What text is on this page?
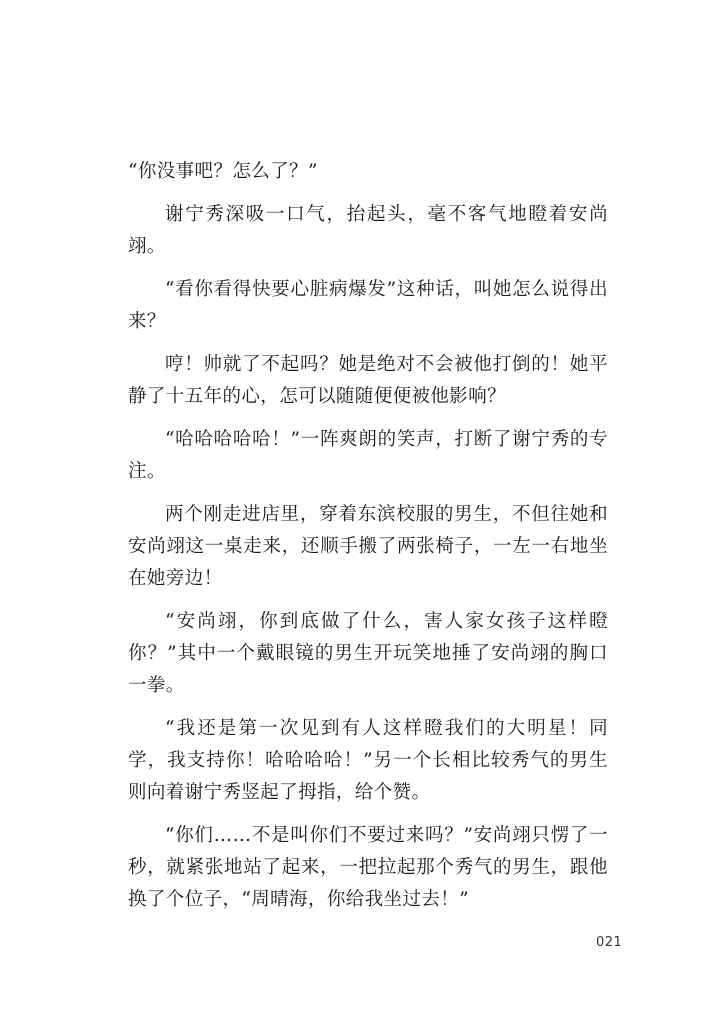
“你没事吧？怎么了？”

谢宁秀深吸一口气，抬起头，毫不客气地瞪着安尚翊。

“看你看得快要心脏病爆发”这种话，叫她怎么说得出来？

哼！帅就了不起吗？她是绝对不会被他打倒的！她平静了十五年的心，怎可以随随便便被他影响？

“哈哈哈哈哈！”一阵爽朗的笑声，打断了谢宁秀的专注。

两个刚走进店里，穿着东滨校服的男生，不但往她和安尚翊这一桌走来，还顺手搬了两张椅子，一左一右地坐在她旁边！

“安尚翊，你到底做了什么，害人家女孩子这样瞪你？”其中一个戴眼镜的男生开玩笑地捶了安尚翊的胸口一拳。

“我还是第一次见到有人这样瞪我们的大明星！同学，我支持你！哈哈哈哈！”另一个长相比较秀气的男生则向着谢宁秀竖起了拇指，给个赞。

“你们……不是叫你们不要过来吗？”安尚翊只愣了一秒，就紧张地站了起来，一把拉起那个秀气的男生，跟他换了个位子，“周晴海，你给我坐过去！”

021
